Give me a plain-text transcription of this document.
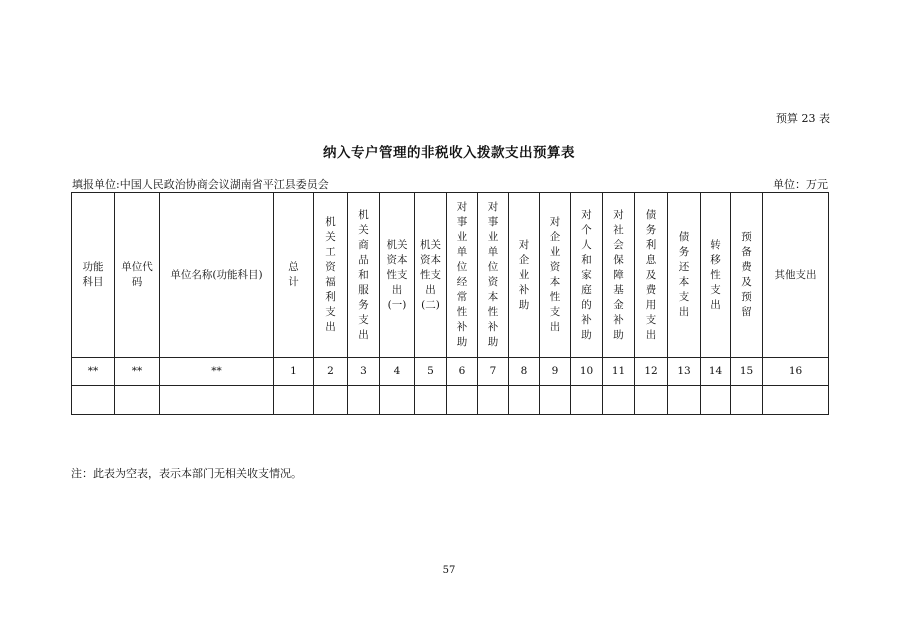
预算 23 表
纳入专户管理的非税收入拨款支出预算表
填报单位:中国人民政治协商会议湖南省平江县委员会	单位：万元
功能科目	单位代码	单位名称(功能科目)	总计	机关工资福利支出	机关商品和服务支出	机关资本性支出(一)	机关资本性支出(二)	对事业单位经常性补助	对事业单位资本性补助	对企业补助	对企业资本性支出	对个人和家庭的补助	对社会保障基金补助	债务利息及费用支出	债务还本支出	转移性支出	预备费及预留	其他支出
**	**	**	1	2	3	4	5	6	7	8	9	10	11	12	13	14	15	16

注：此表为空表，表示本部门无相关收支情况。
57
